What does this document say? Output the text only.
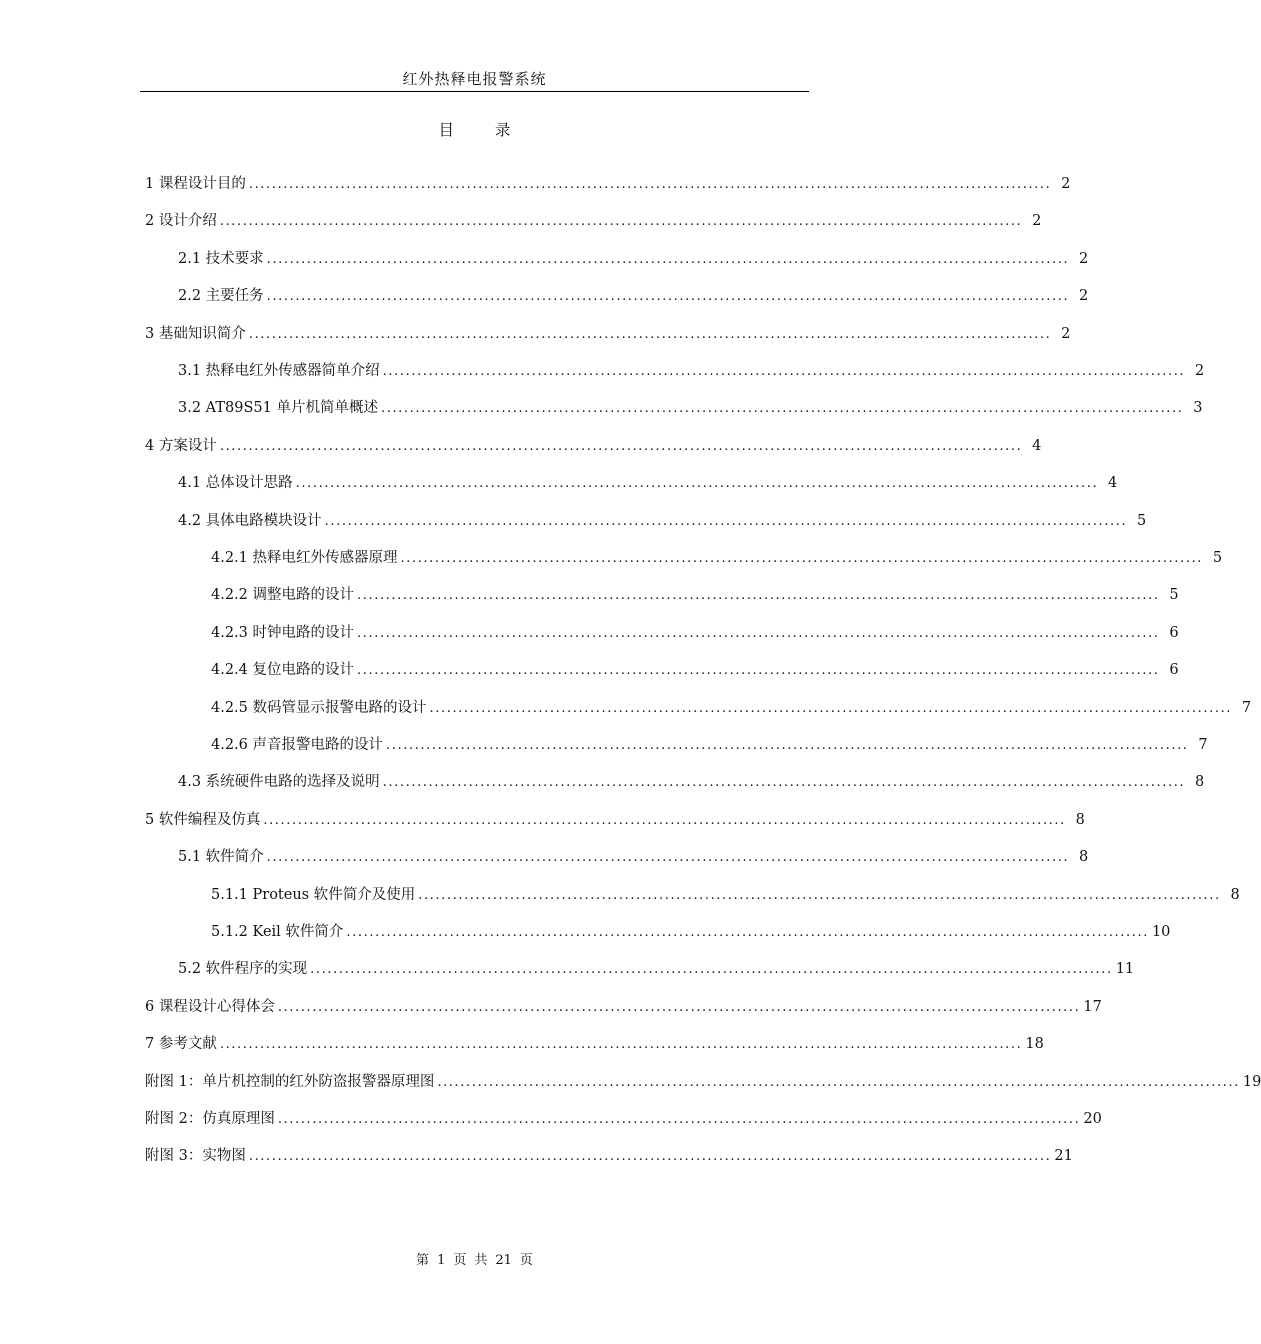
红外热释电报警系统
目 录
1 课程设计目的 ............................................................................................................................................ 2
2 设计介绍 ............................................................................................................................................ 2
2.1 技术要求 ............................................................................................................................................ 2
2.2 主要任务 ............................................................................................................................................ 2
3 基础知识简介 ............................................................................................................................................ 2
3.1 热释电红外传感器简单介绍 ............................................................................................................................................ 2
3.2 AT89S51 单片机简单概述 ............................................................................................................................................ 3
4 方案设计 ............................................................................................................................................ 4
4.1 总体设计思路 ............................................................................................................................................ 4
4.2 具体电路模块设计 ............................................................................................................................................ 5
4.2.1 热释电红外传感器原理 ............................................................................................................................................ 5
4.2.2 调整电路的设计 ............................................................................................................................................ 5
4.2.3 时钟电路的设计 ............................................................................................................................................ 6
4.2.4 复位电路的设计 ............................................................................................................................................ 6
4.2.5 数码管显示报警电路的设计 ............................................................................................................................................ 7
4.2.6 声音报警电路的设计 ............................................................................................................................................ 7
4.3 系统硬件电路的选择及说明 ............................................................................................................................................ 8
5 软件编程及仿真 ............................................................................................................................................ 8
5.1 软件简介 ............................................................................................................................................ 8
5.1.1 Proteus 软件简介及使用 ............................................................................................................................................ 8
5.1.2 Keil 软件简介 ............................................................................................................................................ 10
5.2 软件程序的实现 ............................................................................................................................................ 11
6 课程设计心得体会 ............................................................................................................................................ 17
7 参考文献 ............................................................................................................................................ 18
附图 1：单片机控制的红外防盗报警器原理图 ............................................................................................................................................ 19
附图 2：仿真原理图 ............................................................................................................................................ 20
附图 3：实物图 ............................................................................................................................................ 21
第 1 页 共 21 页
